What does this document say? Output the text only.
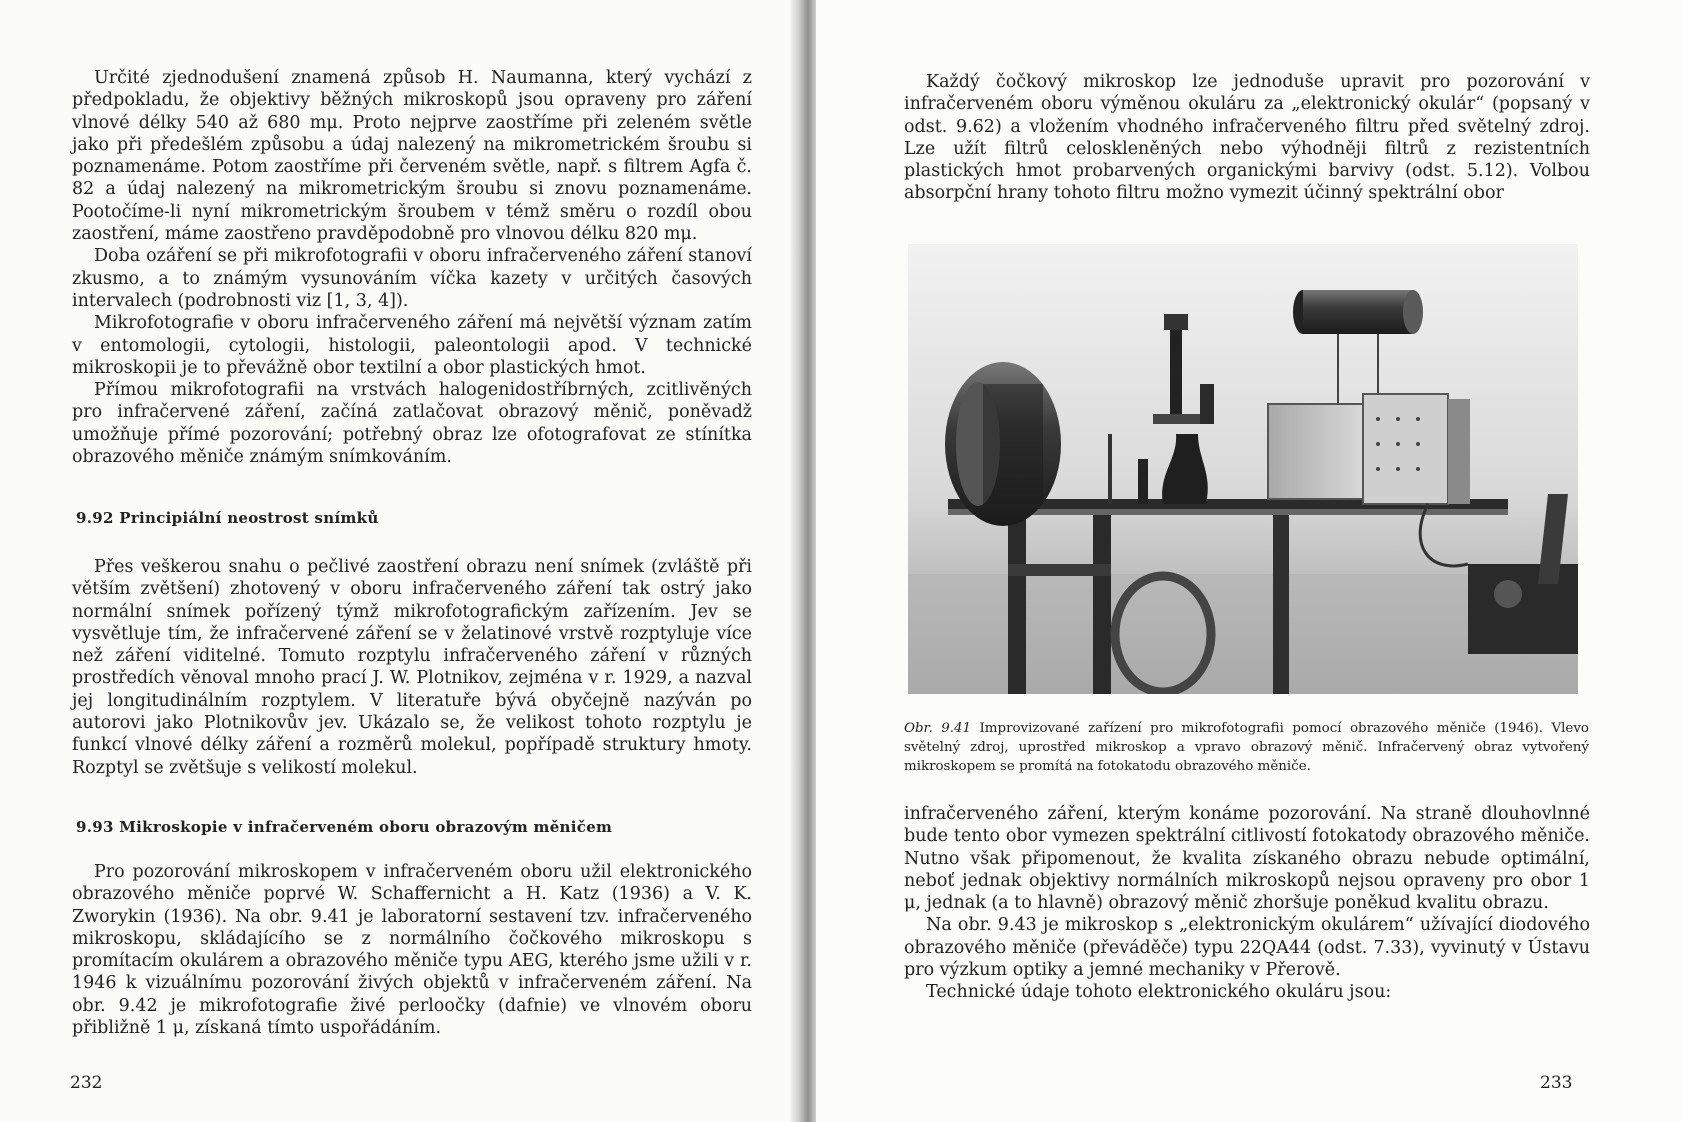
Určité zjednodušení znamená způsob H. Naumanna, který vychází z předpokladu, že objektivy běžných mikroskopů jsou opraveny pro záření vlnové délky 540 až 680 mμ. Proto nejprve zaostříme při zeleném světle jako při předešlém způsobu a údaj nalezený na mikrometrickém šroubu si poznamenáme. Potom zaostříme při červeném světle, např. s filtrem Agfa č. 82 a údaj nalezený na mikrometrickým šroubu si znovu poznamenáme. Pootočíme-li nyní mikrometrickým šroubem v témž směru o rozdíl obou zaostření, máme zaostřeno pravděpodobně pro vlnovou délku 820 mμ.

Doba ozáření se při mikrofotografii v oboru infračerveného záření stanoví zkusmo, a to známým vysunováním víčka kazety v určitých časových intervalech (podrobnosti viz [1, 3, 4]).

Mikrofotografie v oboru infračerveného záření má největší význam zatím v entomologii, cytologii, histologii, paleontologii apod. V technické mikroskopii je to převážně obor textilní a obor plastických hmot.

Přímou mikrofotografii na vrstvách halogenidostříbrných, zcitlivěných pro infračervené záření, začíná zatlačovat obrazový měnič, poněvadž umožňuje přímé pozorování; potřebný obraz lze ofotografovat ze stínítka obrazového měniče známým snímkováním.

9.92 Principiální neostrost snímků

Přes veškerou snahu o pečlivé zaostření obrazu není snímek (zvláště při větším zvětšení) zhotovený v oboru infračerveného záření tak ostrý jako normální snímek pořízený týmž mikrofotografickým zařízením. Jev se vysvětluje tím, že infračervené záření se v želatinové vrstvě rozptyluje více než záření viditelné. Tomuto rozptylu infračerveného záření v různých prostředích věnoval mnoho prací J. W. Plotnikov, zejména v r. 1929, a nazval jej longitudinálním rozptylem. V literatuře bývá obyčejně nazýván po autorovi jako Plotnikovův jev. Ukázalo se, že velikost tohoto rozptylu je funkcí vlnové délky záření a rozměrů molekul, popřípadě struktury hmoty. Rozptyl se zvětšuje s velikostí molekul.

9.93 Mikroskopie v infračerveném oboru obrazovým měničem

Pro pozorování mikroskopem v infračerveném oboru užil elektronického obrazového měniče poprvé W. Schaffernicht a H. Katz (1936) a V. K. Zworykin (1936). Na obr. 9.41 je laboratorní sestavení tzv. infračerveného mikroskopu, skládajícího se z normálního čočkového mikroskopu s promítacím okulárem a obrazového měniče typu AEG, kterého jsme užili v r. 1946 k vizuálnímu pozorování živých objektů v infračerveném záření. Na obr. 9.42 je mikrofotografie živé perloočky (dafnie) ve vlnovém oboru přibližně 1 μ, získaná tímto uspořádáním.

232

Každý čočkový mikroskop lze jednoduše upravit pro pozorování v infračerveném oboru výměnou okuláru za „elektronický okulár“ (popsaný v odst. 9.62) a vložením vhodného infračerveného filtru před světelný zdroj. Lze užít filtrů celoskleněných nebo výhodněji filtrů z rezistentních plastických hmot probarvených organickými barvivy (odst. 5.12). Volbou absorpční hrany tohoto filtru možno vymezit účinný spektrální obor

Obr. 9.41 Improvizované zařízení pro mikrofotografii pomocí obrazového měniče (1946). Vlevo světelný zdroj, uprostřed mikroskop a vpravo obrazový měnič. Infračervený obraz vytvořený mikroskopem se promítá na fotokatodu obrazového měniče.

infračerveného záření, kterým konáme pozorování. Na straně dlouhovlnné bude tento obor vymezen spektrální citlivostí fotokatody obrazového měniče. Nutno však připomenout, že kvalita získaného obrazu nebude optimální, neboť jednak objektivy normálních mikroskopů nejsou opraveny pro obor 1 μ, jednak (a to hlavně) obrazový měnič zhoršuje poněkud kvalitu obrazu.

Na obr. 9.43 je mikroskop s „elektronickým okulárem“ užívající diodového obrazového měniče (převáděče) typu 22QA44 (odst. 7.33), vyvinutý v Ústavu pro výzkum optiky a jemné mechaniky v Přerově.

Technické údaje tohoto elektronického okuláru jsou:

233
